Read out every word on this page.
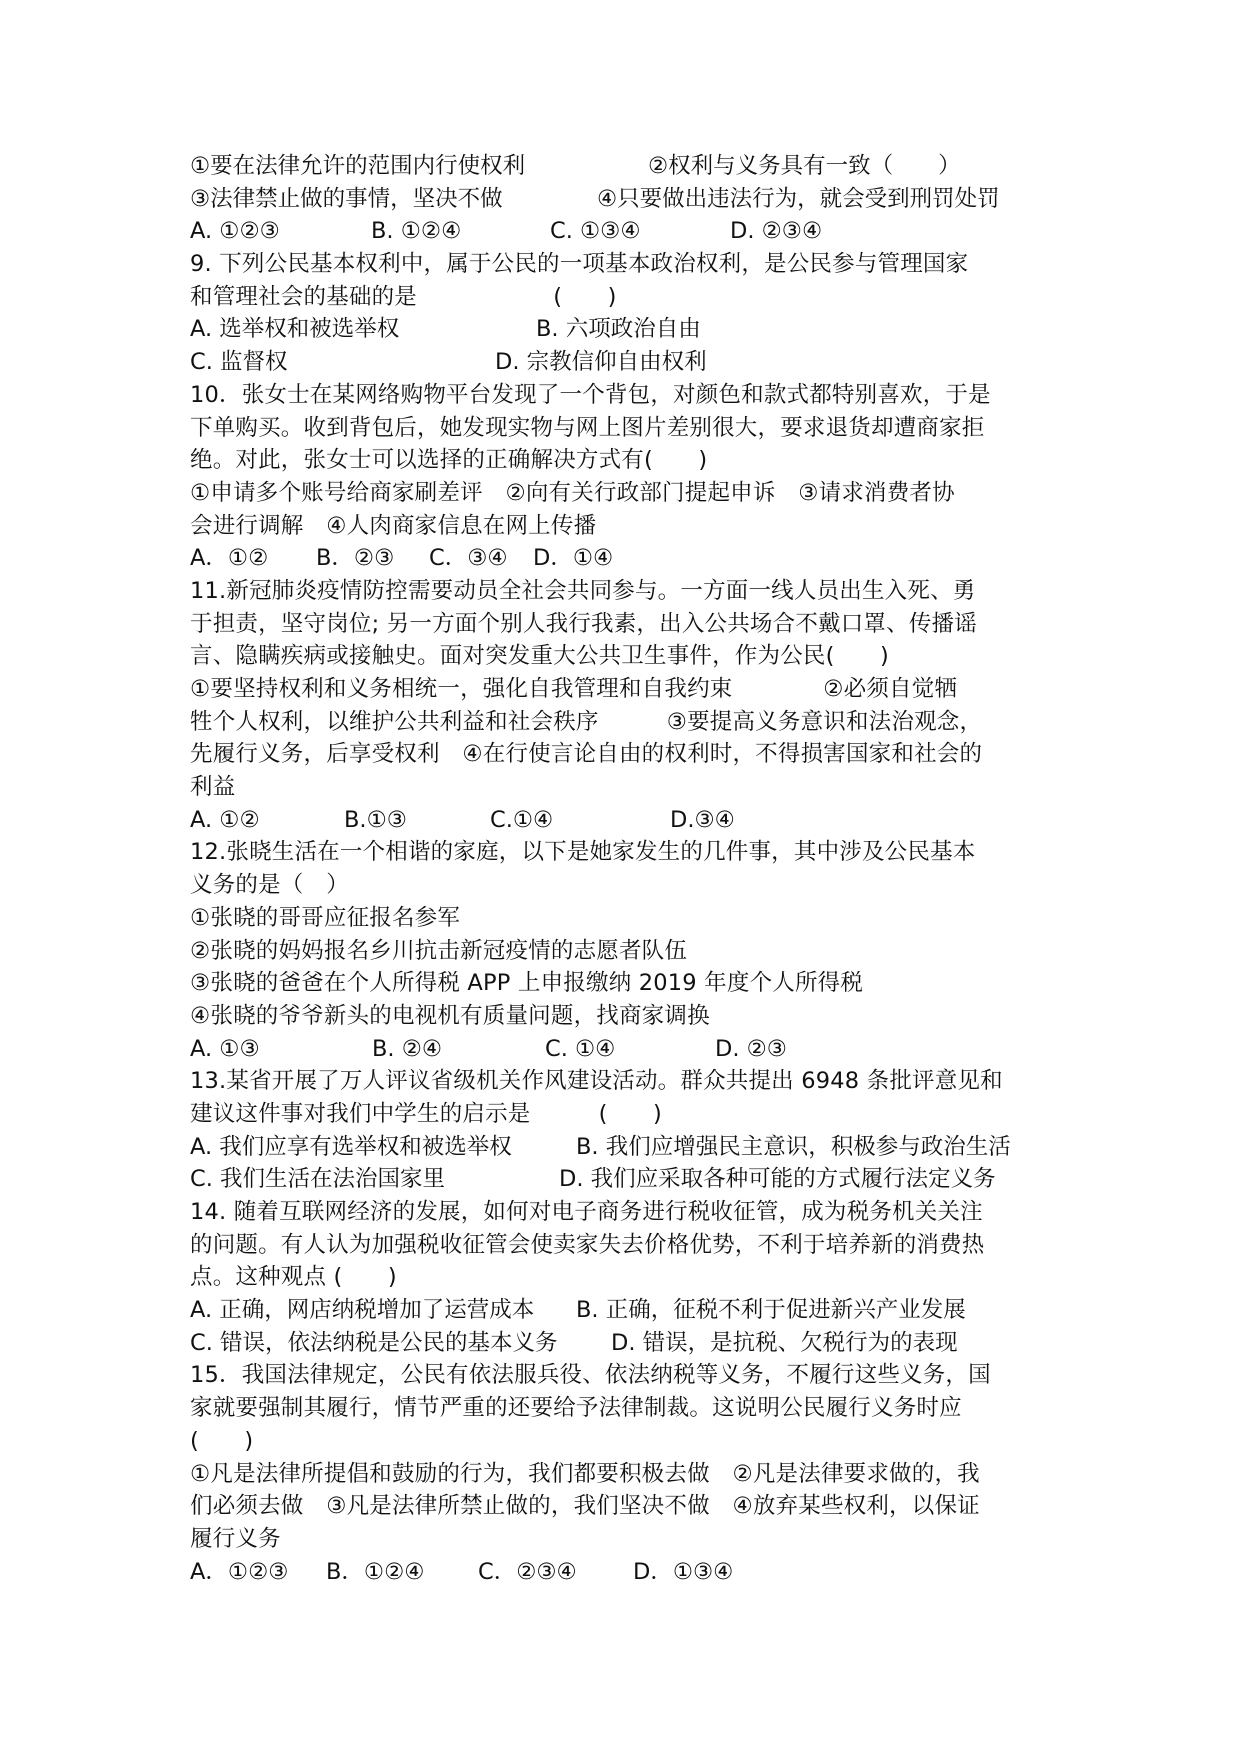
①要在法律允许的范围内行使权利	②权利与义务具有一致（　　）
③法律禁止做的事情，坚决不做	④只要做出违法行为，就会受到刑罚处罚
A. ①②③	B. ①②④	C. ①③④	D. ②③④
9. 下列公民基本权利中，属于公民的一项基本政治权利，是公民参与管理国家
和管理社会的基础的是　　　　　　(　　)
A. 选举权和被选举权	B. 六项政治自由
C. 监督权	D. 宗教信仰自由权利
10．张女士在某网络购物平台发现了一个背包，对颜色和款式都特别喜欢，于是
下单购买。收到背包后，她发现实物与网上图片差别很大，要求退货却遭商家拒
绝。对此，张女士可以选择的正确解决方式有(　　)
①申请多个账号给商家刷差评　②向有关行政部门提起申诉　③请求消费者协
会进行调解　④人肉商家信息在网上传播
A．①②	B．②③	C．③④	D．①④
11.新冠肺炎疫情防控需要动员全社会共同参与。一方面一线人员出生入死、勇
于担责，坚守岗位; 另一方面个别人我行我素，出入公共场合不戴口罩、传播谣
言、隐瞒疾病或接触史。面对突发重大公共卫生事件，作为公民(　　)
①要坚持权利和义务相统一，强化自我管理和自我约束　　　　②必须自觉牺
牲个人权利，以维护公共利益和社会秩序　　　③要提高义务意识和法治观念，
先履行义务，后享受权利　④在行使言论自由的权利时，不得损害国家和社会的
利益
A. ①②	B.①③	C.①④	D.③④
12.张晓生活在一个相谐的家庭，以下是她家发生的几件事，其中涉及公民基本
义务的是（　）
①张晓的哥哥应征报名参军
②张晓的妈妈报名乡川抗击新冠疫情的志愿者队伍
③张晓的爸爸在个人所得税 APP 上申报缴纳 2019 年度个人所得税
④张晓的爷爷新头的电视机有质量问题，找商家调换
A. ①③	B. ②④	C. ①④	D. ②③
13.某省开展了万人评议省级机关作风建设活动。群众共提出 6948 条批评意见和
建议这件事对我们中学生的启示是　　　(　　)
A. 我们应享有选举权和被选举权	B. 我们应增强民主意识，积极参与政治生活
C. 我们生活在法治国家里	D. 我们应采取各种可能的方式履行法定义务
14. 随着互联网经济的发展，如何对电子商务进行税收征管，成为税务机关关注
的问题。有人认为加强税收征管会使卖家失去价格优势，不利于培养新的消费热
点。这种观点 (　　)
A. 正确，网店纳税增加了运营成本	B. 正确，征税不利于促进新兴产业发展
C. 错误，依法纳税是公民的基本义务	D. 错误，是抗税、欠税行为的表现
15．我国法律规定，公民有依法服兵役、依法纳税等义务，不履行这些义务，国
家就要强制其履行，情节严重的还要给予法律制裁。这说明公民履行义务时应
(　　)
①凡是法律所提倡和鼓励的行为，我们都要积极去做　②凡是法律要求做的，我
们必须去做　③凡是法律所禁止做的，我们坚决不做　④放弃某些权利，以保证
履行义务
A．①②③	B．①②④	C．②③④	D．①③④
